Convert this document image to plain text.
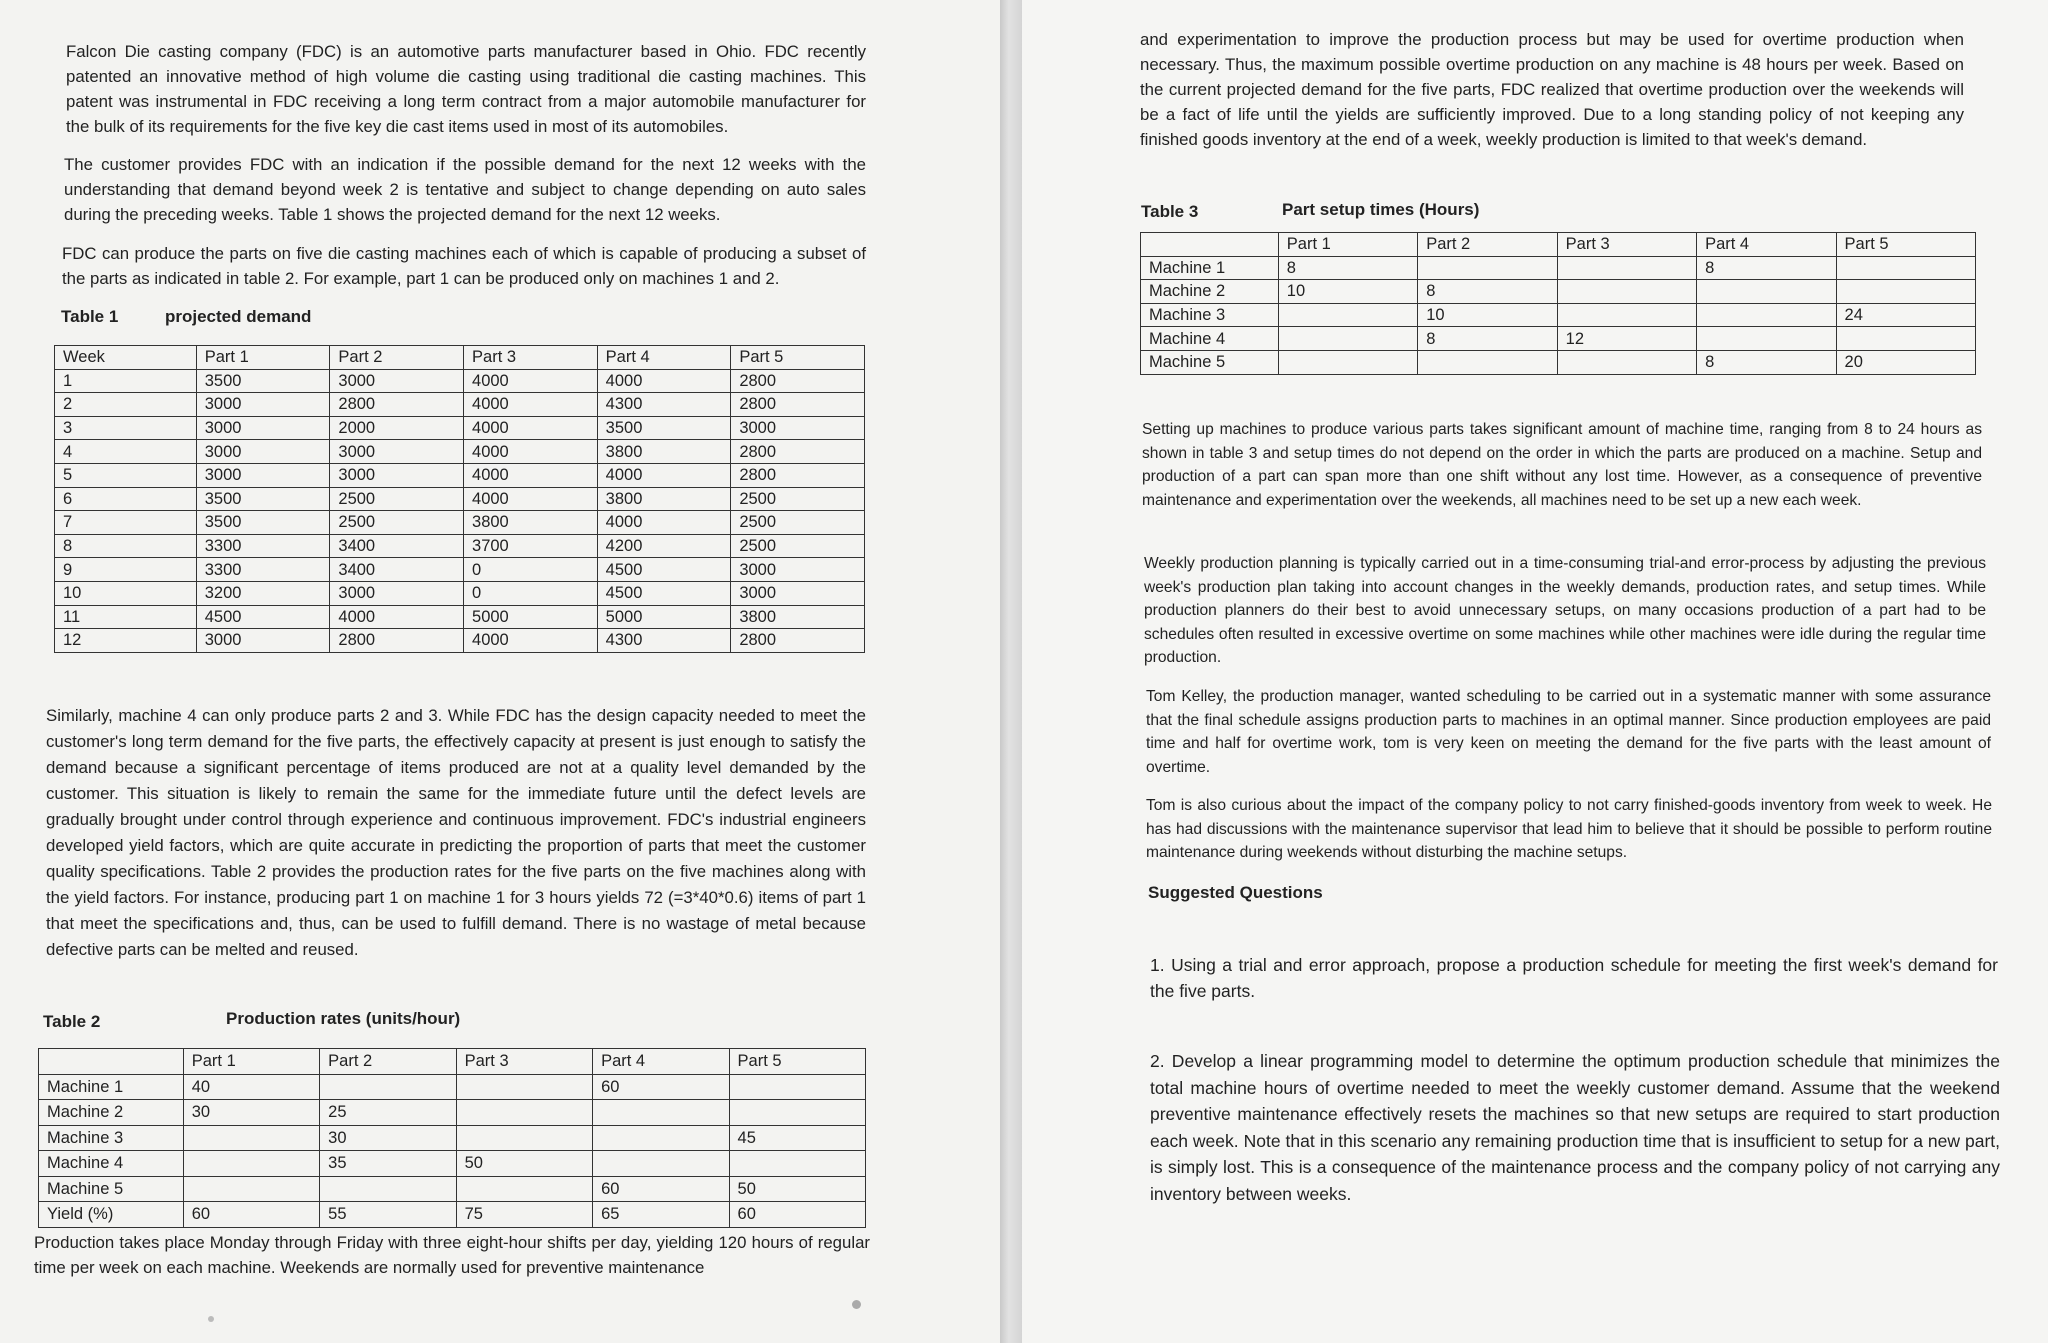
Falcon Die casting company (FDC) is an automotive parts manufacturer based in Ohio. FDC recently patented an innovative method of high volume die casting using traditional die casting machines. This patent was instrumental in FDC receiving a long term contract from a major automobile manufacturer for the bulk of its requirements for the five key die cast items used in most of its automobiles.

The customer provides FDC with an indication if the possible demand for the next 12 weeks with the understanding that demand beyond week 2 is tentative and subject to change depending on auto sales during the preceding weeks. Table 1 shows the projected demand for the next 12 weeks.

FDC can produce the parts on five die casting machines each of which is capable of producing a subset of the parts as indicated in table 2. For example, part 1 can be produced only on machines 1 and 2.

Table 1	projected demand
Week	Part 1	Part 2	Part 3	Part 4	Part 5
1	3500	3000	4000	4000	2800
2	3000	2800	4000	4300	2800
3	3000	2000	4000	3500	3000
4	3000	3000	4000	3800	2800
5	3000	3000	4000	4000	2800
6	3500	2500	4000	3800	2500
7	3500	2500	3800	4000	2500
8	3300	3400	3700	4200	2500
9	3300	3400	0	4500	3000
10	3200	3000	0	4500	3000
11	4500	4000	5000	5000	3800
12	3000	2800	4000	4300	2800

Similarly, machine 4 can only produce parts 2 and 3. While FDC has the design capacity needed to meet the customer's long term demand for the five parts, the effectively capacity at present is just enough to satisfy the demand because a significant percentage of items produced are not at a quality level demanded by the customer. This situation is likely to remain the same for the immediate future until the defect levels are gradually brought under control through experience and continuous improvement. FDC's industrial engineers developed yield factors, which are quite accurate in predicting the proportion of parts that meet the customer quality specifications. Table 2 provides the production rates for the five parts on the five machines along with the yield factors. For instance, producing part 1 on machine 1 for 3 hours yields 72 (=3*40*0.6) items of part 1 that meet the specifications and, thus, can be used to fulfill demand. There is no wastage of metal because defective parts can be melted and reused.

Table 2	Production rates (units/hour)
	Part 1	Part 2	Part 3	Part 4	Part 5
Machine 1	40			60	
Machine 2	30	25			
Machine 3		30			45
Machine 4		35	50		
Machine 5				60	50
Yield (%)	60	55	75	65	60

Production takes place Monday through Friday with three eight-hour shifts per day, yielding 120 hours of regular time per week on each machine. Weekends are normally used for preventive maintenance

and experimentation to improve the production process but may be used for overtime production when necessary. Thus, the maximum possible overtime production on any machine is 48 hours per week. Based on the current projected demand for the five parts, FDC realized that overtime production over the weekends will be a fact of life until the yields are sufficiently improved. Due to a long standing policy of not keeping any finished goods inventory at the end of a week, weekly production is limited to that week's demand.

Table 3	Part setup times (Hours)
	Part 1	Part 2	Part 3	Part 4	Part 5
Machine 1	8			8	
Machine 2	10	8			
Machine 3		10			24
Machine 4		8	12		
Machine 5				8	20

Setting up machines to produce various parts takes significant amount of machine time, ranging from 8 to 24 hours as shown in table 3 and setup times do not depend on the order in which the parts are produced on a machine. Setup and production of a part can span more than one shift without any lost time. However, as a consequence of preventive maintenance and experimentation over the weekends, all machines need to be set up a new each week.

Weekly production planning is typically carried out in a time-consuming trial-and error-process by adjusting the previous week's production plan taking into account changes in the weekly demands, production rates, and setup times. While production planners do their best to avoid unnecessary setups, on many occasions production of a part had to be schedules often resulted in excessive overtime on some machines while other machines were idle during the regular time production.

Tom Kelley, the production manager, wanted scheduling to be carried out in a systematic manner with some assurance that the final schedule assigns production parts to machines in an optimal manner. Since production employees are paid time and half for overtime work, tom is very keen on meeting the demand for the five parts with the least amount of overtime.

Tom is also curious about the impact of the company policy to not carry finished-goods inventory from week to week. He has had discussions with the maintenance supervisor that lead him to believe that it should be possible to perform routine maintenance during weekends without disturbing the machine setups.

Suggested Questions

1. Using a trial and error approach, propose a production schedule for meeting the first week's demand for the five parts.

2. Develop a linear programming model to determine the optimum production schedule that minimizes the total machine hours of overtime needed to meet the weekly customer demand. Assume that the weekend preventive maintenance effectively resets the machines so that new setups are required to start production each week. Note that in this scenario any remaining production time that is insufficient to setup for a new part, is simply lost. This is a consequence of the maintenance process and the company policy of not carrying any inventory between weeks.
